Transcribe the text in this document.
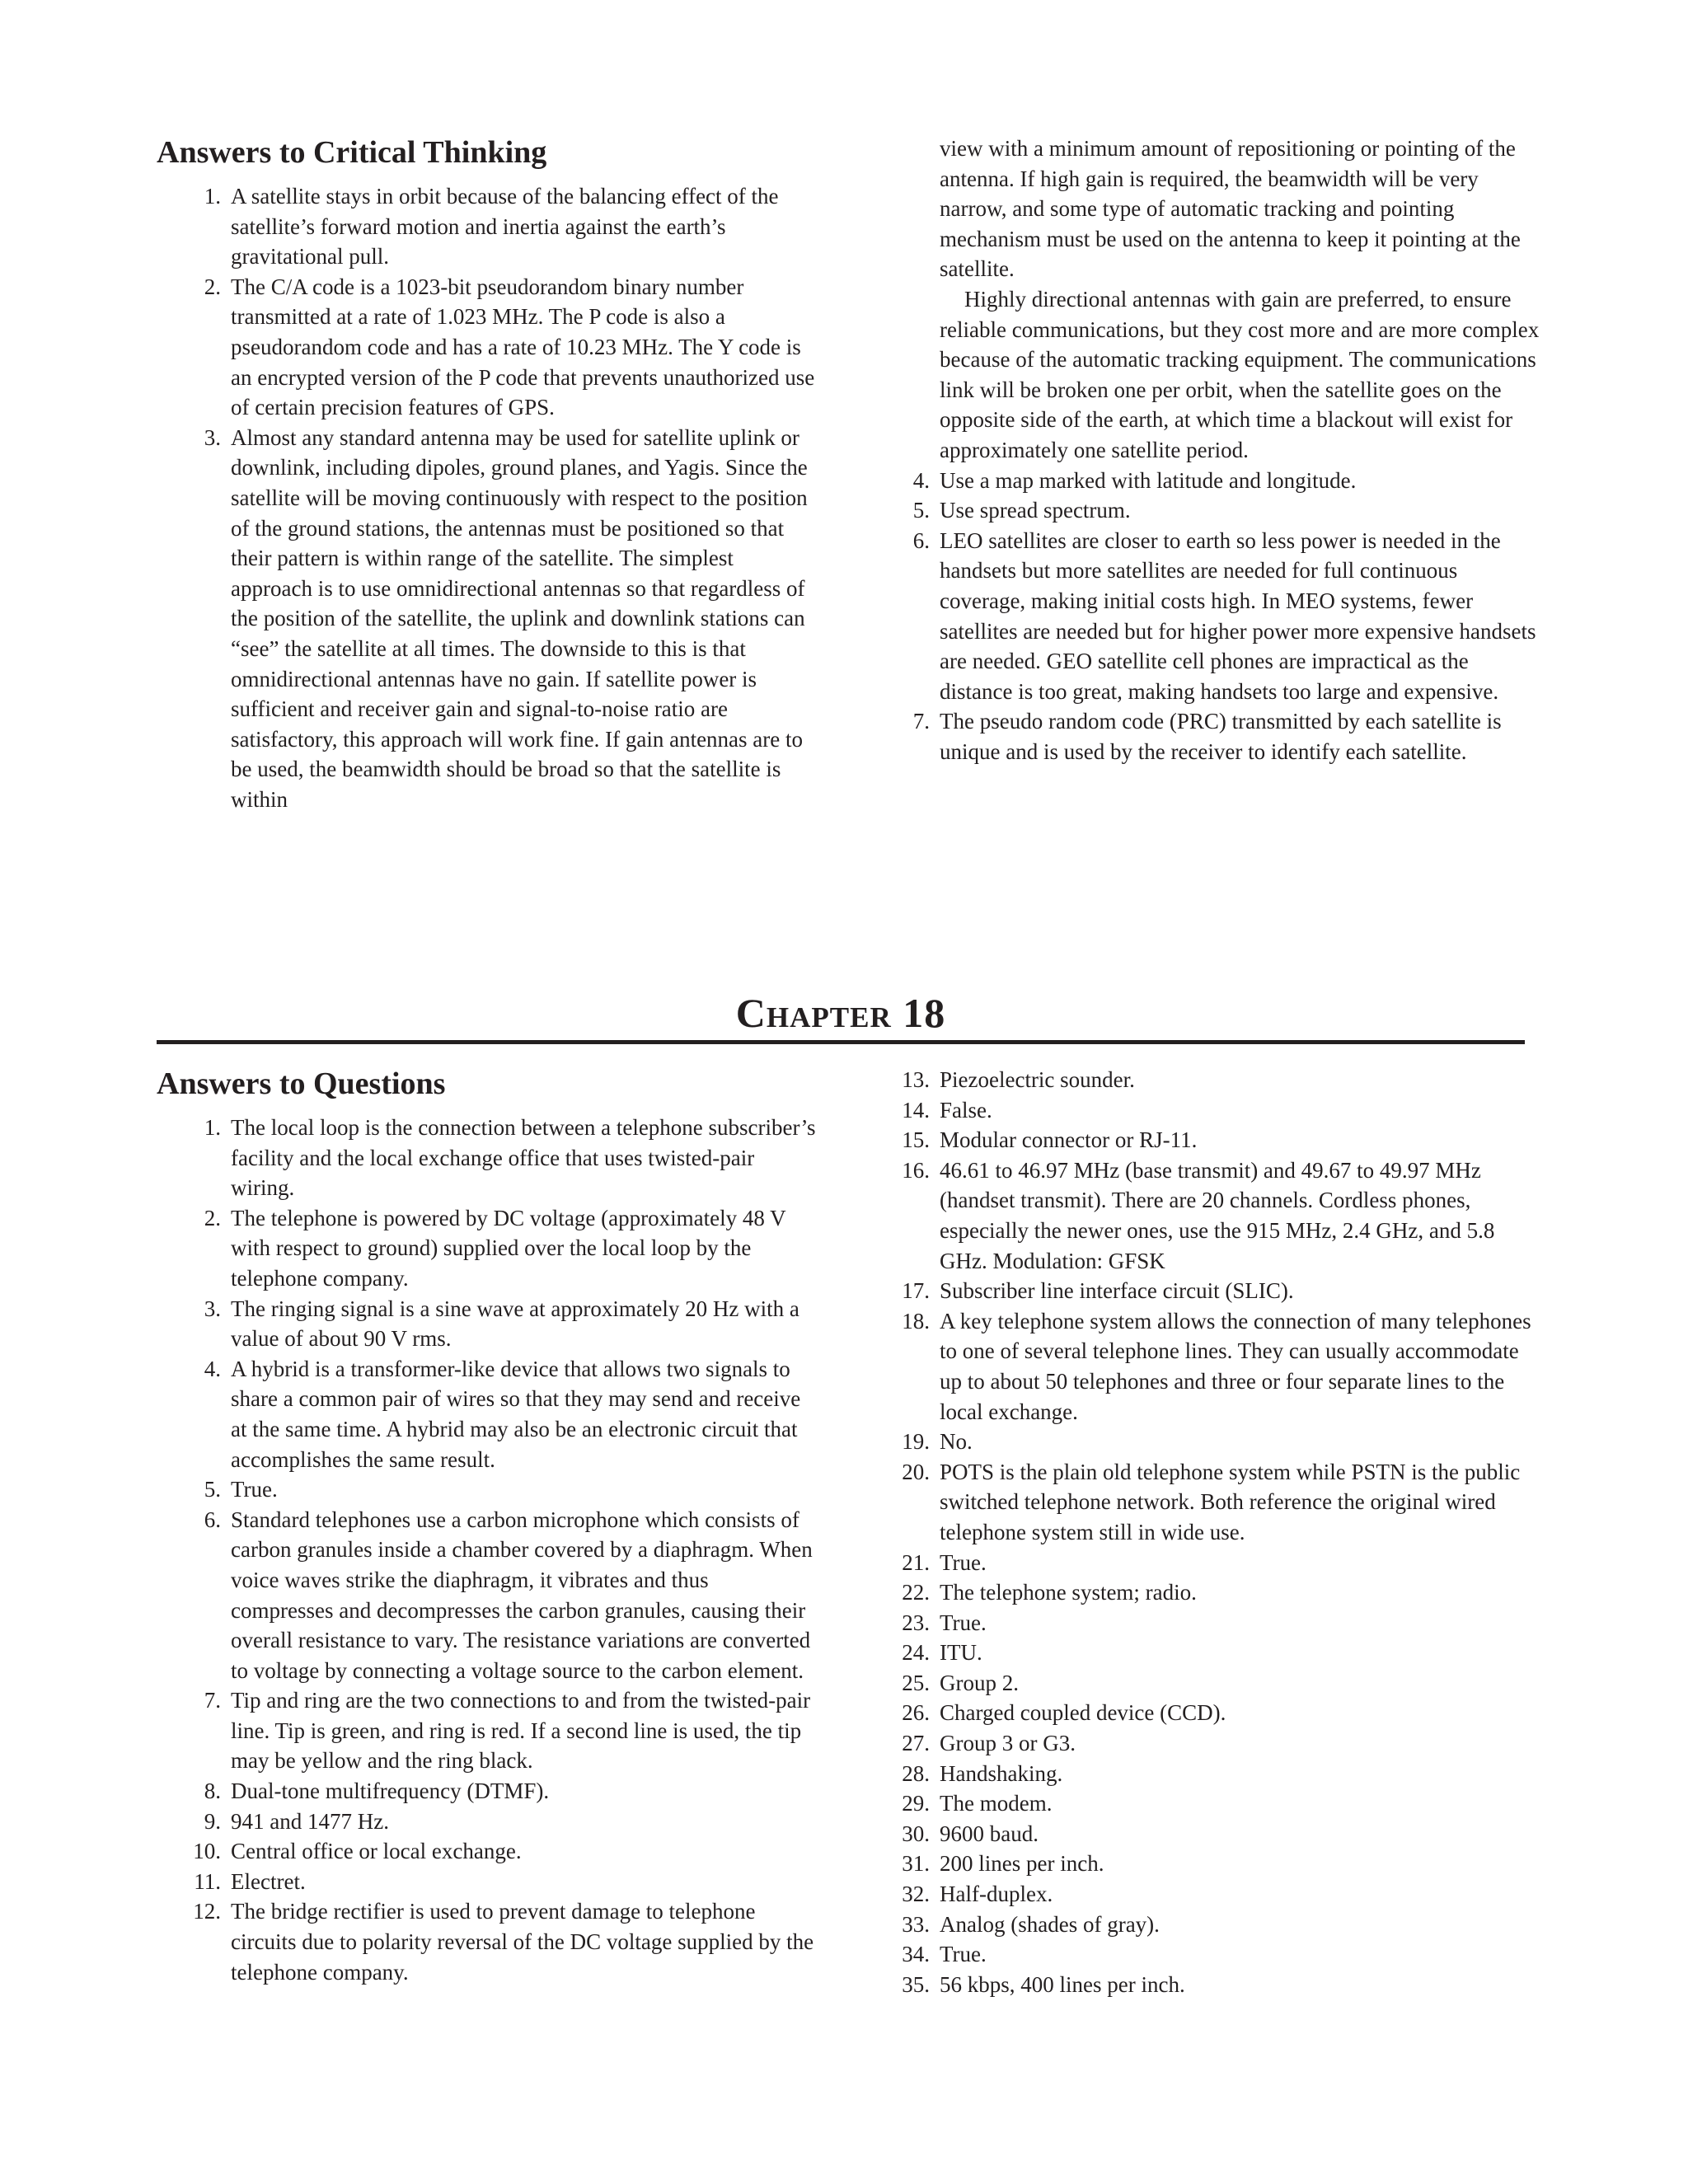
Answers to Critical Thinking
1. A satellite stays in orbit because of the balancing effect of the satellite’s forward motion and inertia against the earth’s gravitational pull.
2. The C/A code is a 1023-bit pseudorandom binary number transmitted at a rate of 1.023 MHz. The P code is also a pseudorandom code and has a rate of 10.23 MHz. The Y code is an encrypted version of the P code that prevents unauthorized use of certain precision features of GPS.
3. Almost any standard antenna may be used for satellite uplink or downlink, including dipoles, ground planes, and Yagis. Since the satellite will be moving continuously with respect to the position of the ground stations, the antennas must be positioned so that their pattern is within range of the satellite. The simplest approach is to use omnidirectional antennas so that regardless of the position of the satellite, the uplink and downlink stations can “see” the satellite at all times. The downside to this is that omnidirectional antennas have no gain. If satellite power is sufficient and receiver gain and signal-to-noise ratio are satisfactory, this approach will work fine. If gain antennas are to be used, the beamwidth should be broad so that the satellite is within

view with a minimum amount of repositioning or pointing of the antenna. If high gain is required, the beamwidth will be very narrow, and some type of automatic tracking and pointing mechanism must be used on the antenna to keep it pointing at the satellite.

Highly directional antennas with gain are preferred, to ensure reliable communications, but they cost more and are more complex because of the automatic tracking equipment. The communications link will be broken one per orbit, when the satellite goes on the opposite side of the earth, at which time a blackout will exist for approximately one satellite period.

4. Use a map marked with latitude and longitude.
5. Use spread spectrum.
6. LEO satellites are closer to earth so less power is needed in the handsets but more satellites are needed for full continuous coverage, making initial costs high. In MEO systems, fewer satellites are needed but for higher power more expensive handsets are needed. GEO satellite cell phones are impractical as the distance is too great, making handsets too large and expensive.
7. The pseudo random code (PRC) transmitted by each satellite is unique and is used by the receiver to identify each satellite.
Chapter 18
Answers to Questions
1. The local loop is the connection between a telephone subscriber’s facility and the local exchange office that uses twisted-pair wiring.
2. The telephone is powered by DC voltage (approximately 48 V with respect to ground) supplied over the local loop by the telephone company.
3. The ringing signal is a sine wave at approximately 20 Hz with a value of about 90 V rms.
4. A hybrid is a transformer-like device that allows two signals to share a common pair of wires so that they may send and receive at the same time. A hybrid may also be an electronic circuit that accomplishes the same result.
5. True.
6. Standard telephones use a carbon microphone which consists of carbon granules inside a chamber covered by a diaphragm. When voice waves strike the diaphragm, it vibrates and thus compresses and decompresses the carbon granules, causing their overall resistance to vary. The resistance variations are converted to voltage by connecting a voltage source to the carbon element.
7. Tip and ring are the two connections to and from the twisted-pair line. Tip is green, and ring is red. If a second line is used, the tip may be yellow and the ring black.
8. Dual-tone multifrequency (DTMF).
9. 941 and 1477 Hz.
10. Central office or local exchange.
11. Electret.
12. The bridge rectifier is used to prevent damage to telephone circuits due to polarity reversal of the DC voltage supplied by the telephone company.
13. Piezoelectric sounder.
14. False.
15. Modular connector or RJ-11.
16. 46.61 to 46.97 MHz (base transmit) and 49.67 to 49.97 MHz (handset transmit). There are 20 channels. Cordless phones, especially the newer ones, use the 915 MHz, 2.4 GHz, and 5.8 GHz. Modulation: GFSK
17. Subscriber line interface circuit (SLIC).
18. A key telephone system allows the connection of many telephones to one of several telephone lines. They can usually accommodate up to about 50 telephones and three or four separate lines to the local exchange.
19. No.
20. POTS is the plain old telephone system while PSTN is the public switched telephone network. Both reference the original wired telephone system still in wide use.
21. True.
22. The telephone system; radio.
23. True.
24. ITU.
25. Group 2.
26. Charged coupled device (CCD).
27. Group 3 or G3.
28. Handshaking.
29. The modem.
30. 9600 baud.
31. 200 lines per inch.
32. Half-duplex.
33. Analog (shades of gray).
34. True.
35. 56 kbps, 400 lines per inch.
